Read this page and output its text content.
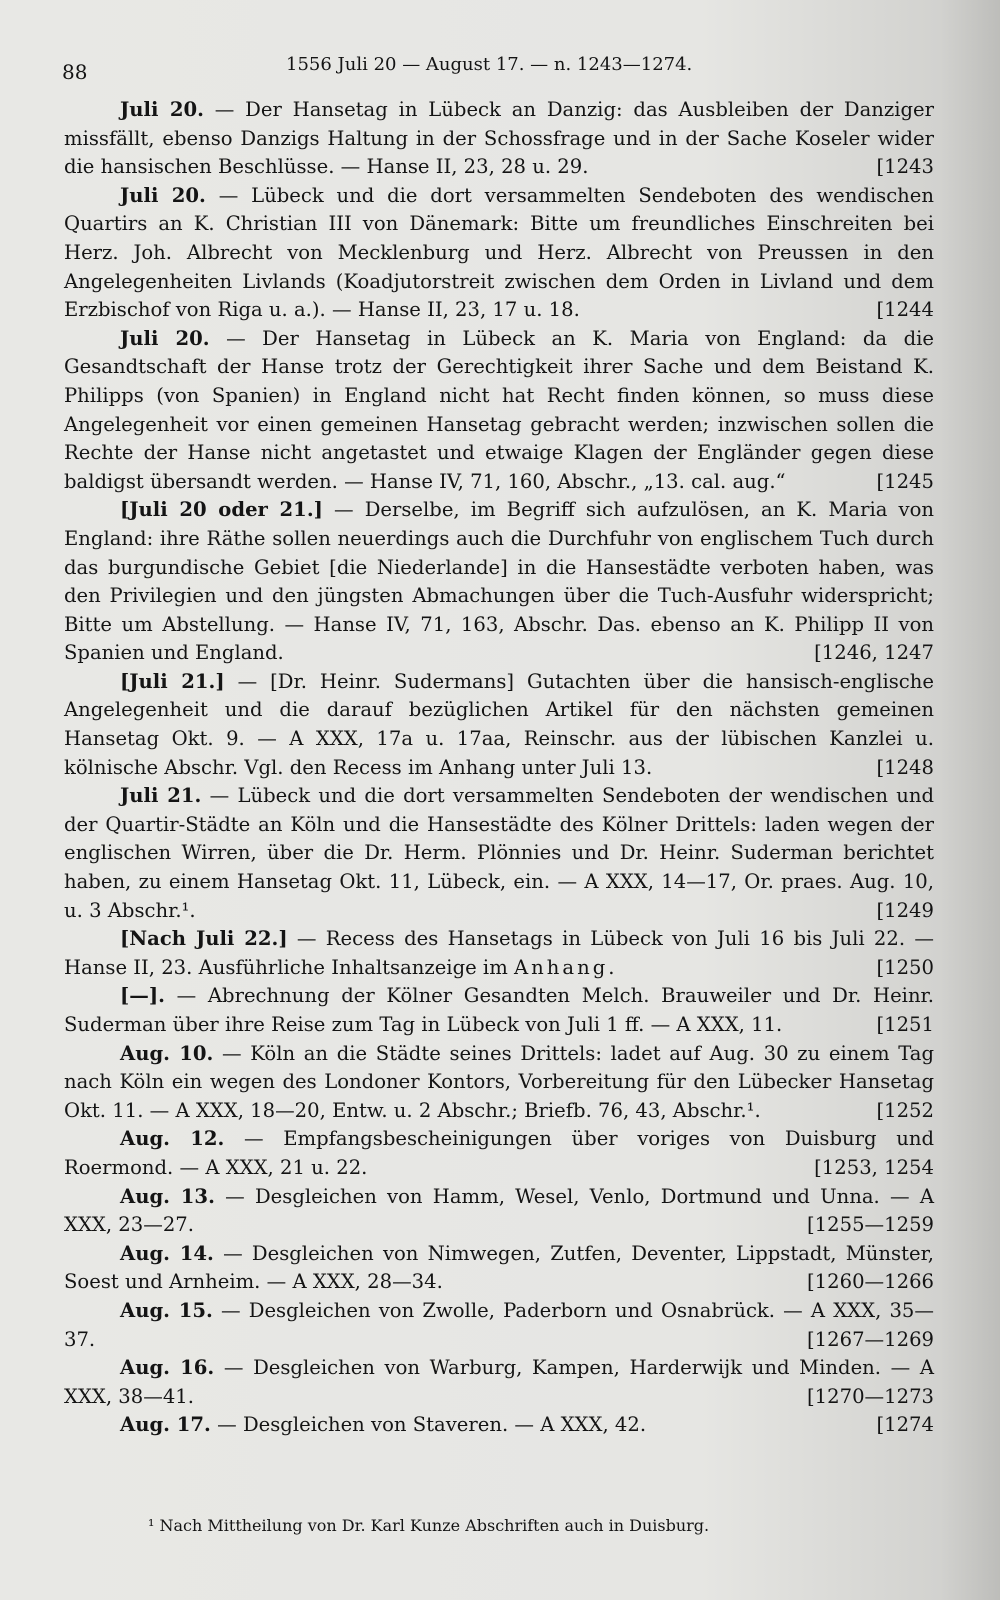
88	1556 Juli 20 — August 17. — n. 1243—1274.
Juli 20. — Der Hansetag in Lübeck an Danzig: das Ausbleiben der Danziger missfällt, ebenso Danzigs Haltung in der Schossfrage und in der Sache Koseler wider die hansischen Beschlüsse. — Hanse II, 23, 28 u. 29.	[1243
Juli 20. — Lübeck und die dort versammelten Sendeboten des wendischen Quartirs an K. Christian III von Dänemark: Bitte um freundliches Einschreiten bei Herz. Joh. Albrecht von Mecklenburg und Herz. Albrecht von Preussen in den Angelegenheiten Livlands (Koadjutorstreit zwischen dem Orden in Livland und dem Erzbischof von Riga u. a.). — Hanse II, 23, 17 u. 18.	[1244
Juli 20. — Der Hansetag in Lübeck an K. Maria von England: da die Gesandtschaft der Hanse trotz der Gerechtigkeit ihrer Sache und dem Beistand K. Philipps (von Spanien) in England nicht hat Recht finden können, so muss diese Angelegenheit vor einen gemeinen Hansetag gebracht werden; inzwischen sollen die Rechte der Hanse nicht angetastet und etwaige Klagen der Engländer gegen diese baldigst übersandt werden. — Hanse IV, 71, 160, Abschr., „13. cal. aug.“	[1245
[Juli 20 oder 21.] — Derselbe, im Begriff sich aufzulösen, an K. Maria von England: ihre Räthe sollen neuerdings auch die Durchfuhr von englischem Tuch durch das burgundische Gebiet [die Niederlande] in die Hansestädte verboten haben, was den Privilegien und den jüngsten Abmachungen über die Tuch-Ausfuhr widerspricht; Bitte um Abstellung. — Hanse IV, 71, 163, Abschr. Das. ebenso an K. Philipp II von Spanien und England.	[1246, 1247
[Juli 21.] — [Dr. Heinr. Sudermans] Gutachten über die hansisch-englische Angelegenheit und die darauf bezüglichen Artikel für den nächsten gemeinen Hansetag Okt. 9. — A XXX, 17a u. 17aa, Reinschr. aus der lübischen Kanzlei u. kölnische Abschr. Vgl. den Recess im Anhang unter Juli 13.	[1248
Juli 21. — Lübeck und die dort versammelten Sendeboten der wendischen und der Quartir-Städte an Köln und die Hansestädte des Kölner Drittels: laden wegen der englischen Wirren, über die Dr. Herm. Plönnies und Dr. Heinr. Suderman berichtet haben, zu einem Hansetag Okt. 11, Lübeck, ein. — A XXX, 14—17, Or. praes. Aug. 10, u. 3 Abschr.¹.	[1249
[Nach Juli 22.] — Recess des Hansetags in Lübeck von Juli 16 bis Juli 22. — Hanse II, 23. Ausführliche Inhaltsanzeige im Anhang.	[1250
[—]. — Abrechnung der Kölner Gesandten Melch. Brauweiler und Dr. Heinr. Suderman über ihre Reise zum Tag in Lübeck von Juli 1 ff. — A XXX, 11.	[1251
Aug. 10. — Köln an die Städte seines Drittels: ladet auf Aug. 30 zu einem Tag nach Köln ein wegen des Londoner Kontors, Vorbereitung für den Lübecker Hansetag Okt. 11. — A XXX, 18—20, Entw. u. 2 Abschr.; Briefb. 76, 43, Abschr.¹.	[1252
Aug. 12. — Empfangsbescheinigungen über voriges von Duisburg und Roermond. — A XXX, 21 u. 22.	[1253, 1254
Aug. 13. — Desgleichen von Hamm, Wesel, Venlo, Dortmund und Unna. — A XXX, 23—27.	[1255—1259
Aug. 14. — Desgleichen von Nimwegen, Zutfen, Deventer, Lippstadt, Münster, Soest und Arnheim. — A XXX, 28—34.	[1260—1266
Aug. 15. — Desgleichen von Zwolle, Paderborn und Osnabrück. — A XXX, 35—37.	[1267—1269
Aug. 16. — Desgleichen von Warburg, Kampen, Harderwijk und Minden. — A XXX, 38—41.	[1270—1273
Aug. 17. — Desgleichen von Staveren. — A XXX, 42.	[1274
¹ Nach Mittheilung von Dr. Karl Kunze Abschriften auch in Duisburg.
